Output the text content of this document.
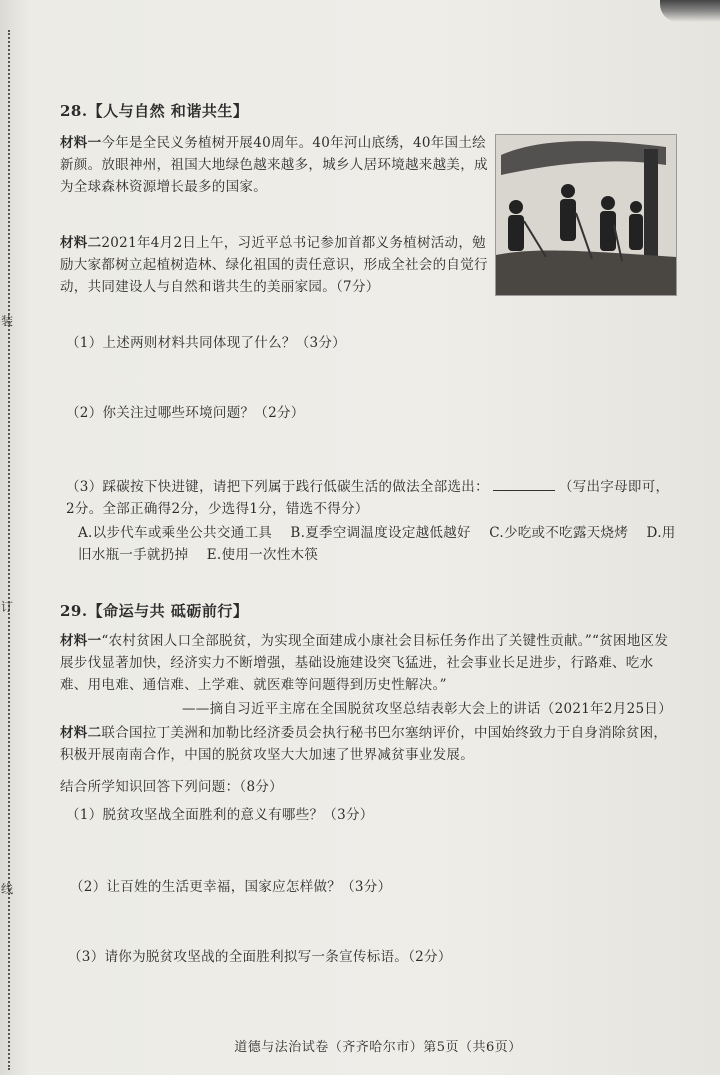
装
订
线
28.【人与自然 和谐共生】
材料一今年是全民义务植树开展40周年。40年河山底绣，40年国土绘新颜。放眼神州，祖国大地绿色越来越多，城乡人居环境越来越美，成为全球森林资源增长最多的国家。
材料二2021年4月2日上午，习近平总书记参加首都义务植树活动，勉励大家都树立起植树造林、绿化祖国的责任意识，形成全社会的自觉行动，共同建设人与自然和谐共生的美丽家园。（7分）
（1）上述两则材料共同体现了什么？（3分）
（2）你关注过哪些环境问题？（2分）
（3）踩碳按下快进键，请把下列属于践行低碳生活的做法全部选出：	（写出字母即可，2分。全部正确得2分，少选得1分，错选不得分）
A.以步代车或乘坐公共交通工具 B.夏季空调温度设定越低越好 C.少吃或不吃露天烧烤 D.用旧水瓶一手就扔掉 E.使用一次性木筷
29.【命运与共 砥砺前行】
材料一“农村贫困人口全部脱贫，为实现全面建成小康社会目标任务作出了关键性贡献。”“贫困地区发展步伐显著加快，经济实力不断增强，基础设施建设突飞猛进，社会事业长足进步，行路难、吃水难、用电难、通信难、上学难、就医难等问题得到历史性解决。”
——摘自习近平主席在全国脱贫攻坚总结表彰大会上的讲话（2021年2月25日）
材料二联合国拉丁美洲和加勒比经济委员会执行秘书巴尔塞纳评价，中国始终致力于自身消除贫困，积极开展南南合作，中国的脱贫攻坚大大加速了世界减贫事业发展。
结合所学知识回答下列问题：（8分）
（1）脱贫攻坚战全面胜利的意义有哪些？（3分）
（2）让百姓的生活更幸福，国家应怎样做？（3分）
（3）请你为脱贫攻坚战的全面胜利拟写一条宣传标语。（2分）
道德与法治试卷（齐齐哈尔市）第5页（共6页）
